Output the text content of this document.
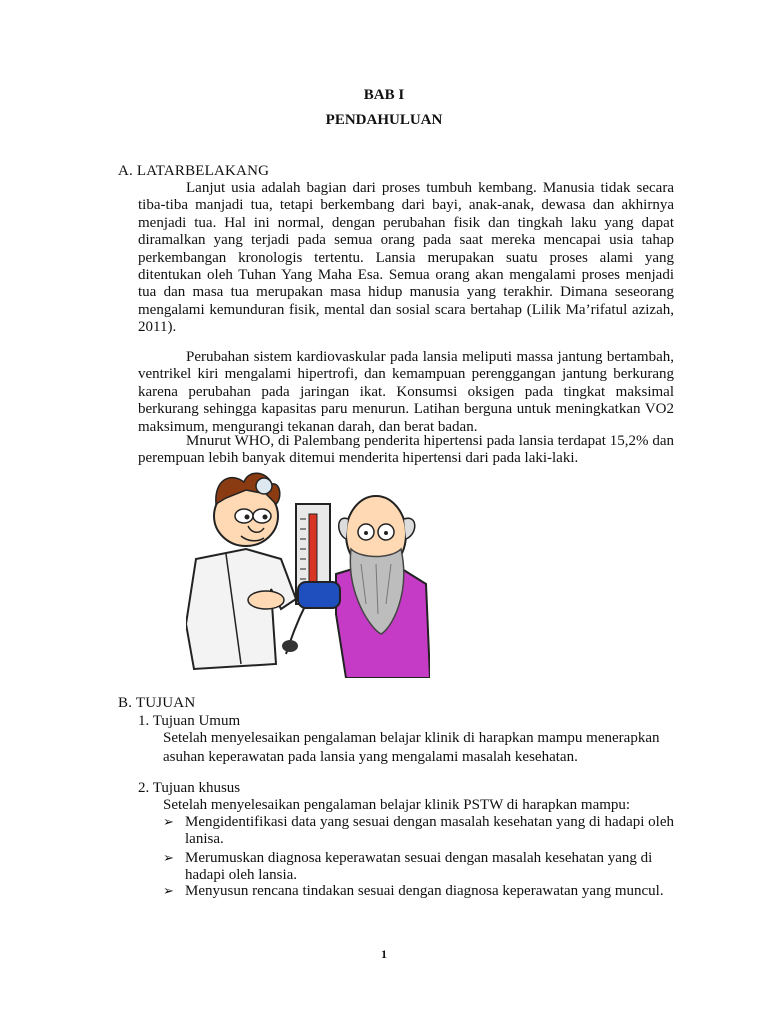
BAB I
PENDAHULUAN
A. LATARBELAKANG

Lanjut usia adalah bagian dari proses tumbuh kembang. Manusia tidak secara tiba-tiba manjadi tua, tetapi berkembang dari bayi, anak-anak, dewasa dan akhirnya menjadi tua. Hal ini normal, dengan perubahan fisik dan tingkah laku yang dapat diramalkan yang terjadi pada semua orang pada saat mereka mencapai usia tahap perkembangan kronologis tertentu. Lansia merupakan suatu proses alami yang ditentukan oleh Tuhan Yang Maha Esa. Semua orang akan mengalami proses menjadi tua dan masa tua merupakan masa hidup manusia yang terakhir. Dimana seseorang mengalami kemunduran fisik, mental dan sosial scara bertahap (Lilik Ma’rifatul azizah, 2011).

Perubahan sistem kardiovaskular pada lansia meliputi massa jantung bertambah, ventrikel kiri mengalami hipertrofi, dan kemampuan perenggangan jantung berkurang karena perubahan pada jaringan ikat. Konsumsi oksigen pada tingkat maksimal berkurang sehingga kapasitas paru menurun. Latihan berguna untuk meningkatkan VO2 maksimum, mengurangi tekanan darah, dan berat badan.

Mnurut WHO, di Palembang penderita hipertensi pada lansia terdapat 15,2% dan perempuan lebih banyak ditemui menderita hipertensi dari pada laki-laki.

B. TUJUAN
1. Tujuan Umum

Setelah menyelesaikan pengalaman belajar klinik di harapkan mampu menerapkan asuhan keperawatan pada lansia yang mengalami masalah kesehatan.

2. Tujuan khusus

Setelah menyelesaikan pengalaman belajar klinik PSTW di harapkan mampu:

➢ Mengidentifikasi data yang sesuai dengan masalah kesehatan yang di hadapi oleh lanisa.
➢ Merumuskan diagnosa keperawatan sesuai dengan masalah kesehatan yang di hadapi oleh lansia.
➢ Menyusun rencana tindakan sesuai dengan diagnosa keperawatan yang muncul.
1
